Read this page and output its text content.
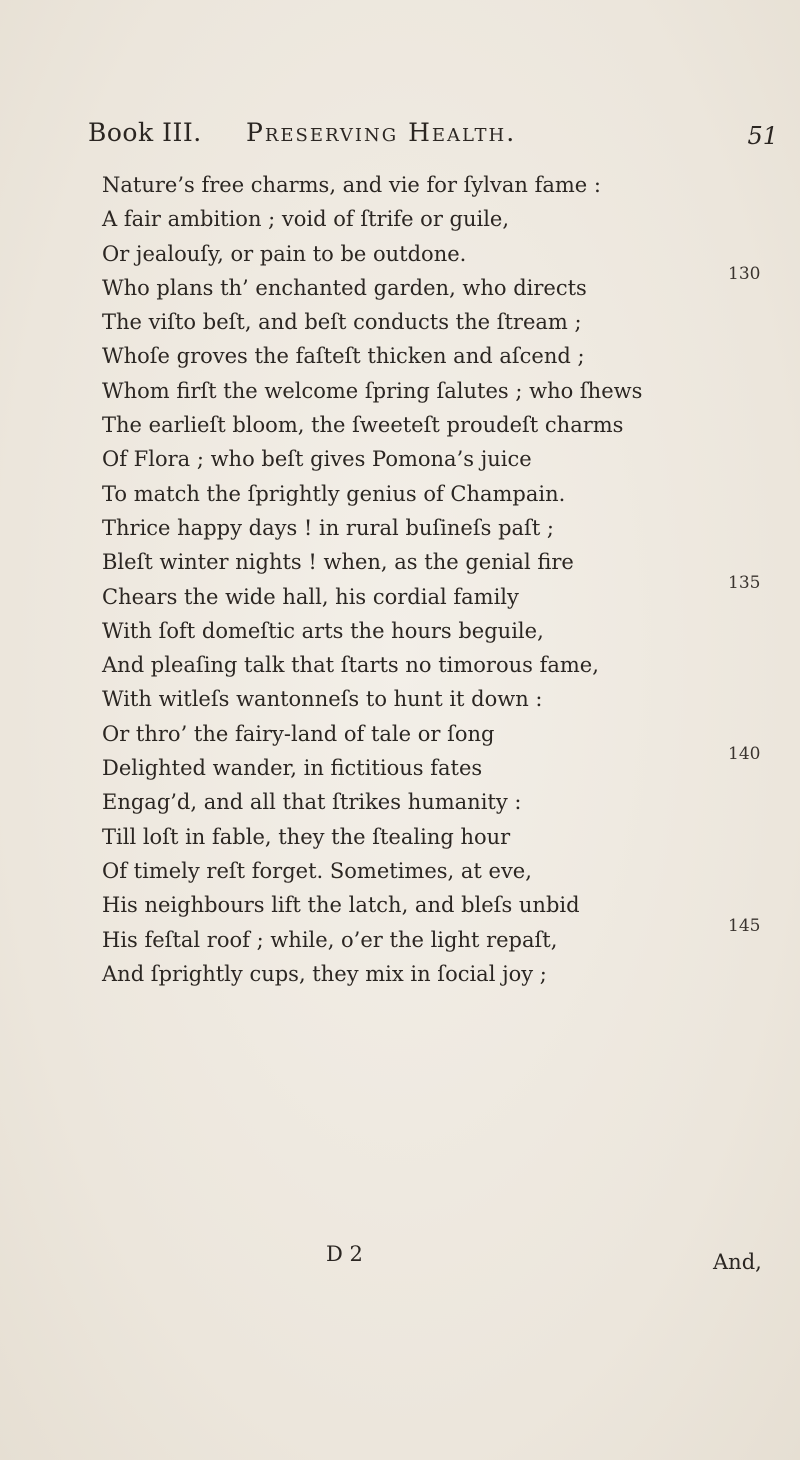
Book III. Preserving Health.	51
Nature’s free charms, and vie for ſylvan fame :
A fair ambition ; void of ſtrife or guile,
Or jealouſy, or pain to be outdone.
Who plans th’ enchanted garden, who directs
The viſto beſt, and beſt conducts the ſtream ;
Whoſe groves the faſteſt thicken and aſcend ;
Whom firſt the welcome ſpring ſalutes ; who ſhews
The earlieſt bloom, the ſweeteſt proudeſt charms
Of Flora ; who beſt gives Pomona’s juice
To match the ſprightly genius of Champain.
Thrice happy days ! in rural buſineſs paſt ;
Bleſt winter nights ! when, as the genial fire
Chears the wide hall, his cordial family
With ſoft domeſtic arts the hours beguile,
And pleaſing talk that ſtarts no timorous fame,
With witleſs wantonneſs to hunt it down :
Or thro’ the fairy-land of tale or ſong
Delighted wander, in fictitious fates
Engag’d, and all that ſtrikes humanity :
Till loſt in fable, they the ſtealing hour
Of timely reſt forget. Sometimes, at eve,
His neighbours lift the latch, and bleſs unbid
His feſtal roof ; while, o’er the light repaſt,
And ſprightly cups, they mix in ſocial joy ;
130
135
140
145
D 2	And,
